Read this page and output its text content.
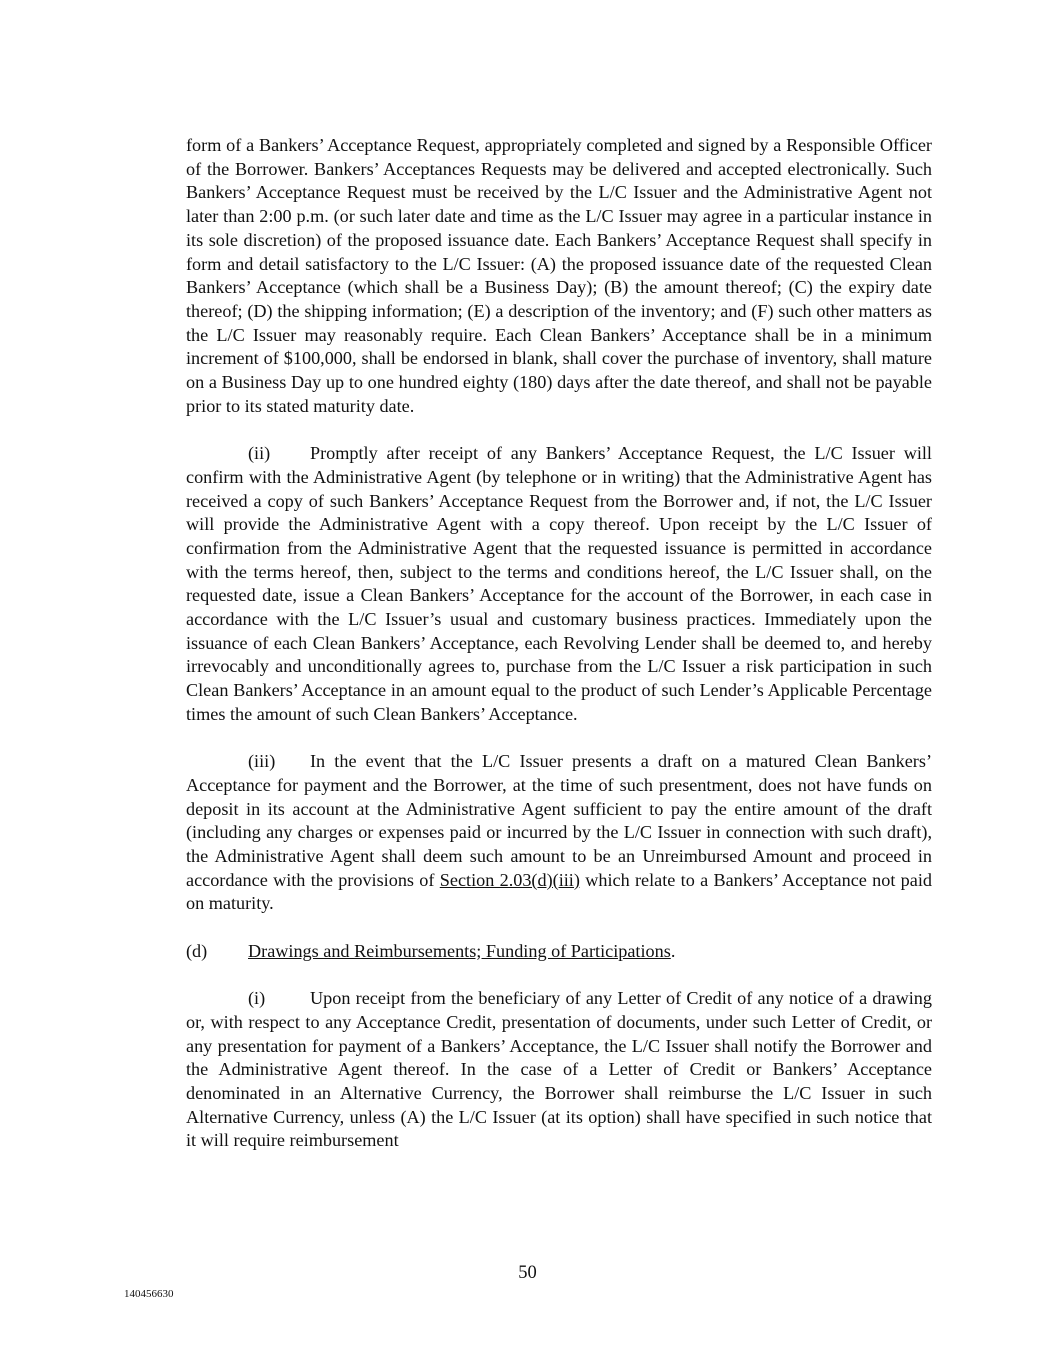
form of a Bankers’ Acceptance Request, appropriately completed and signed by a Responsible Officer of the Borrower. Bankers’ Acceptances Requests may be delivered and accepted electronically. Such Bankers’ Acceptance Request must be received by the L/C Issuer and the Administrative Agent not later than 2:00 p.m. (or such later date and time as the L/C Issuer may agree in a particular instance in its sole discretion) of the proposed issuance date. Each Bankers’ Acceptance Request shall specify in form and detail satisfactory to the L/C Issuer: (A) the proposed issuance date of the requested Clean Bankers’ Acceptance (which shall be a Business Day); (B) the amount thereof; (C) the expiry date thereof; (D) the shipping information; (E) a description of the inventory; and (F) such other matters as the L/C Issuer may reasonably require. Each Clean Bankers’ Acceptance shall be in a minimum increment of $100,000, shall be endorsed in blank, shall cover the purchase of inventory, shall mature on a Business Day up to one hundred eighty (180) days after the date thereof, and shall not be payable prior to its stated maturity date.

(ii) Promptly after receipt of any Bankers’ Acceptance Request, the L/C Issuer will confirm with the Administrative Agent (by telephone or in writing) that the Administrative Agent has received a copy of such Bankers’ Acceptance Request from the Borrower and, if not, the L/C Issuer will provide the Administrative Agent with a copy thereof. Upon receipt by the L/C Issuer of confirmation from the Administrative Agent that the requested issuance is permitted in accordance with the terms hereof, then, subject to the terms and conditions hereof, the L/C Issuer shall, on the requested date, issue a Clean Bankers’ Acceptance for the account of the Borrower, in each case in accordance with the L/C Issuer’s usual and customary business practices. Immediately upon the issuance of each Clean Bankers’ Acceptance, each Revolving Lender shall be deemed to, and hereby irrevocably and unconditionally agrees to, purchase from the L/C Issuer a risk participation in such Clean Bankers’ Acceptance in an amount equal to the product of such Lender’s Applicable Percentage times the amount of such Clean Bankers’ Acceptance.

(iii) In the event that the L/C Issuer presents a draft on a matured Clean Bankers’ Acceptance for payment and the Borrower, at the time of such presentment, does not have funds on deposit in its account at the Administrative Agent sufficient to pay the entire amount of the draft (including any charges or expenses paid or incurred by the L/C Issuer in connection with such draft), the Administrative Agent shall deem such amount to be an Unreimbursed Amount and proceed in accordance with the provisions of Section 2.03(d)(iii) which relate to a Bankers’ Acceptance not paid on maturity.

(d) Drawings and Reimbursements; Funding of Participations.

(i) Upon receipt from the beneficiary of any Letter of Credit of any notice of a drawing or, with respect to any Acceptance Credit, presentation of documents, under such Letter of Credit, or any presentation for payment of a Bankers’ Acceptance, the L/C Issuer shall notify the Borrower and the Administrative Agent thereof. In the case of a Letter of Credit or Bankers’ Acceptance denominated in an Alternative Currency, the Borrower shall reimburse the L/C Issuer in such Alternative Currency, unless (A) the L/C Issuer (at its option) shall have specified in such notice that it will require reimbursement

50
140456630
